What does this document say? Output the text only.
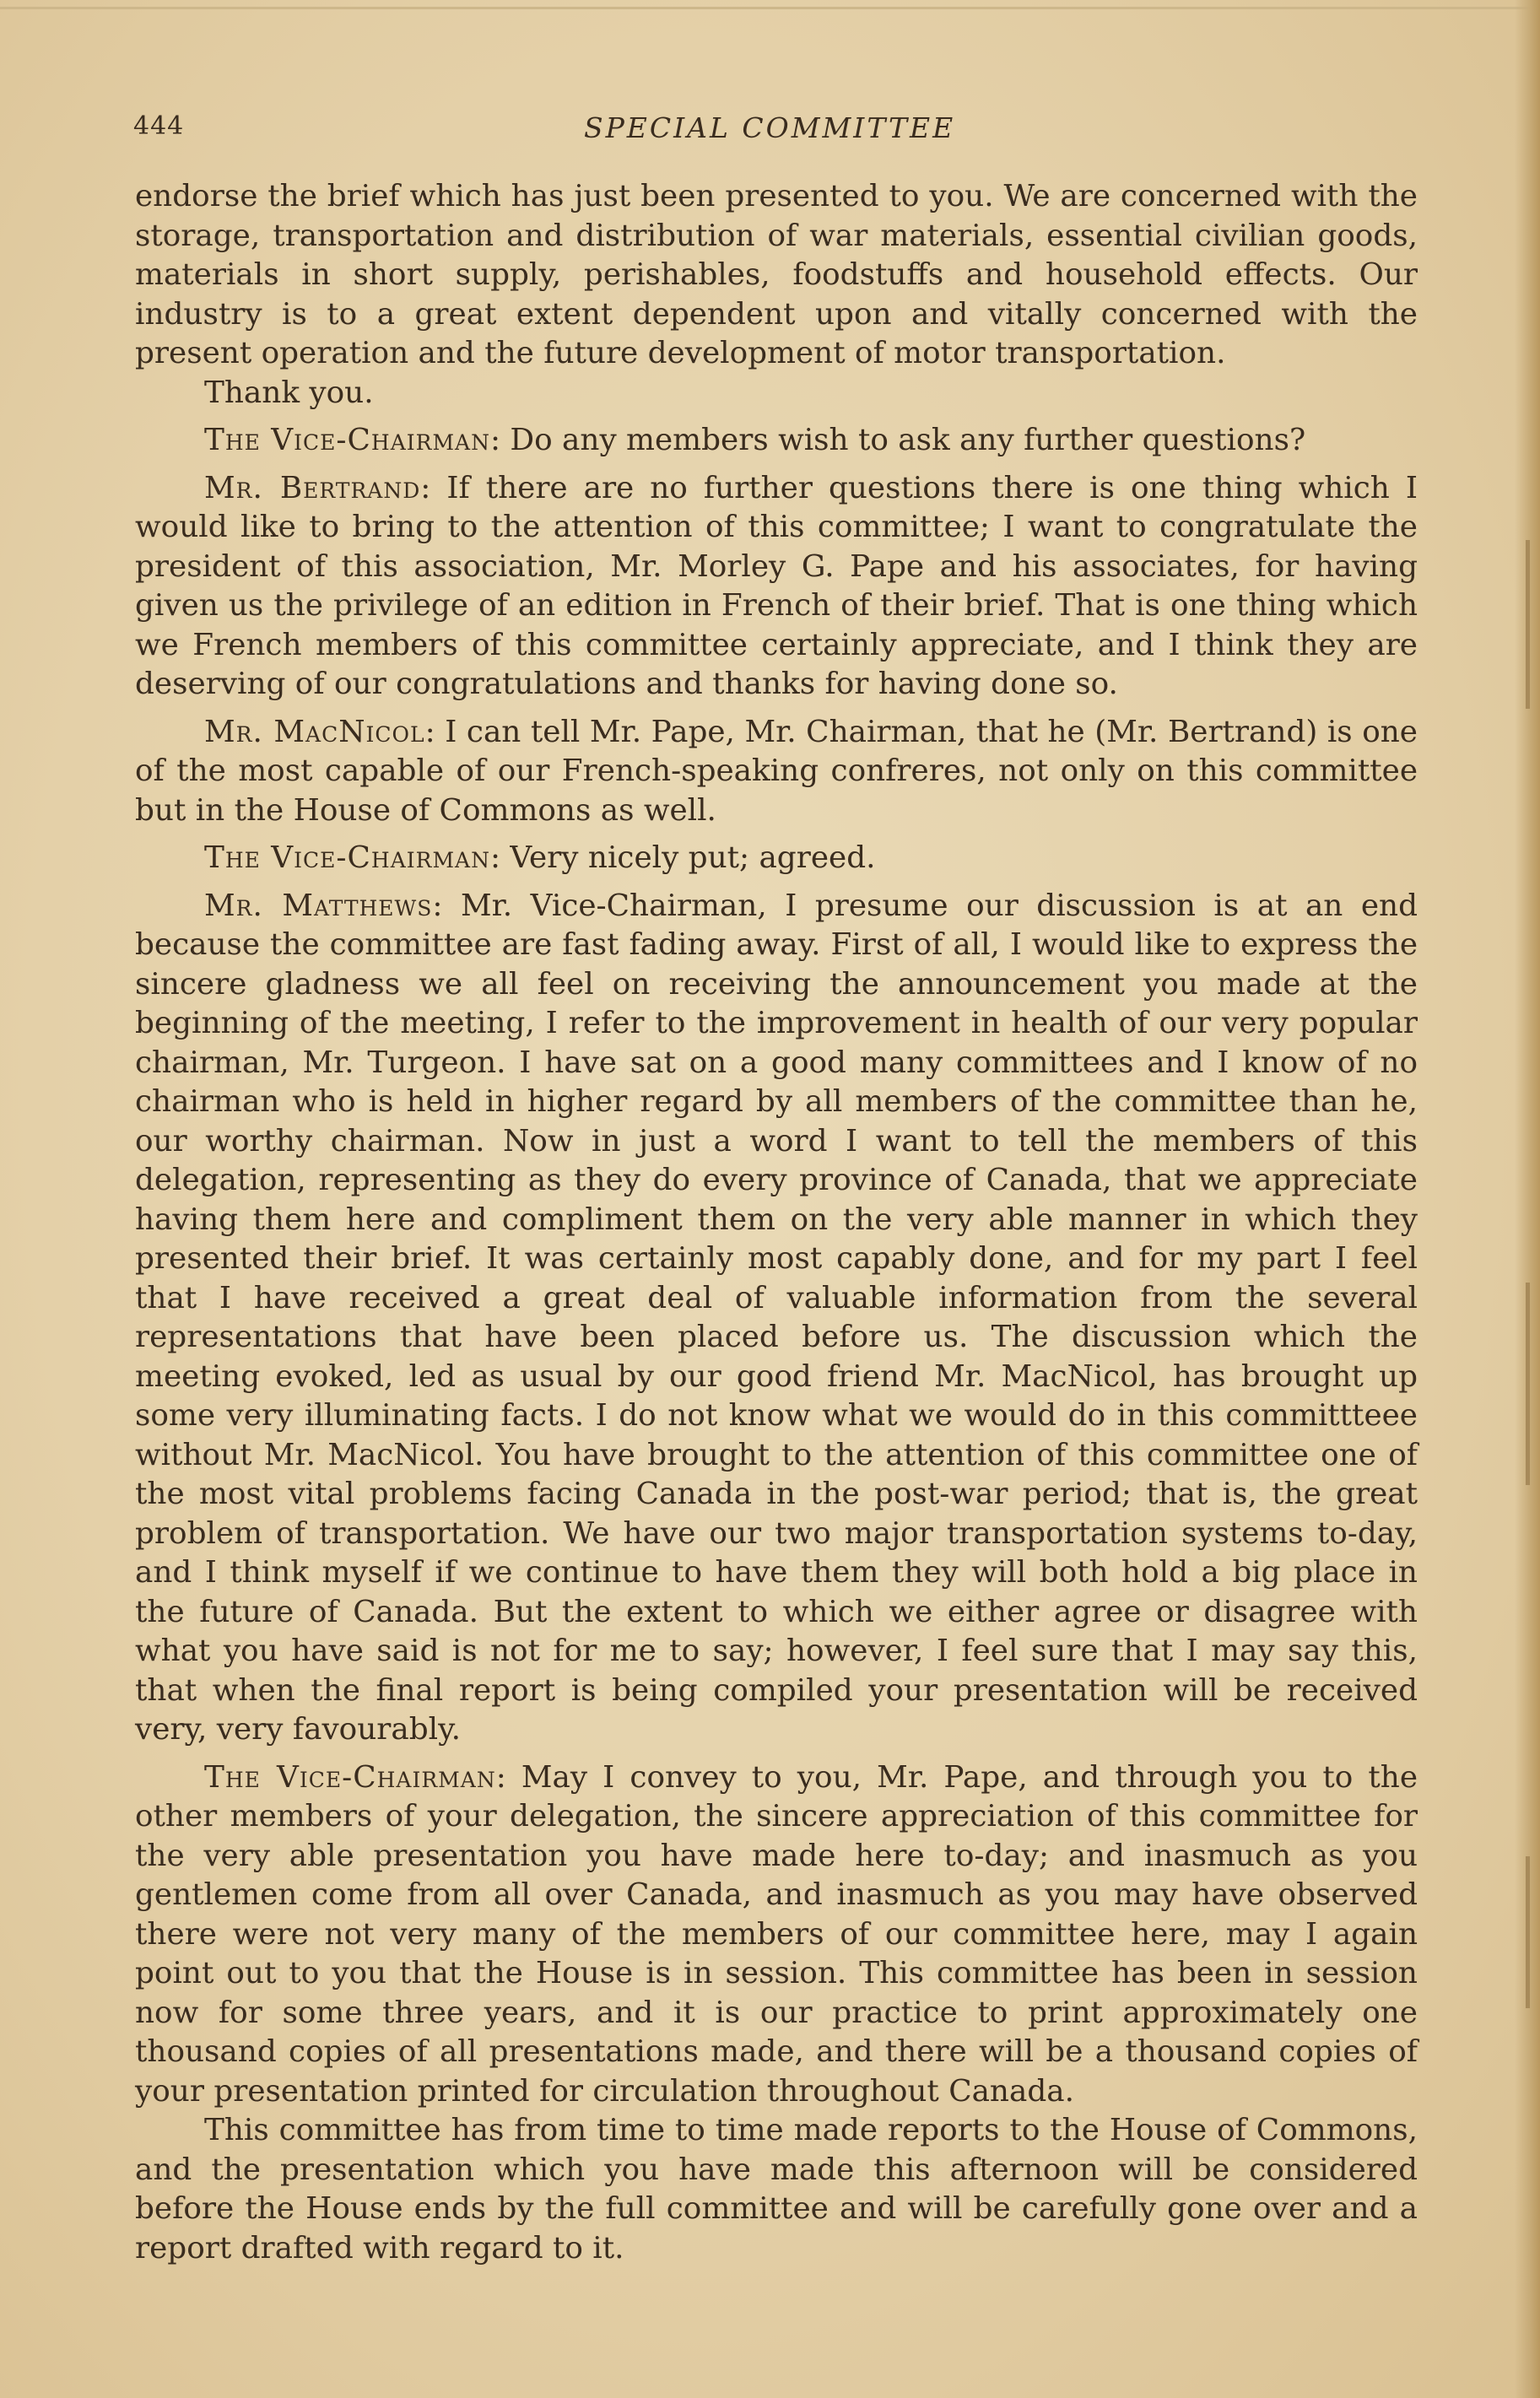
444	SPECIAL COMMITTEE

endorse the brief which has just been presented to you. We are concerned with the storage, transportation and distribution of war materials, essential civilian goods, materials in short supply, perishables, foodstuffs and household effects. Our industry is to a great extent dependent upon and vitally concerned with the present operation and the future development of motor transportation.

Thank you.

The Vice-Chairman: Do any members wish to ask any further questions?

Mr. Bertrand: If there are no further questions there is one thing which I would like to bring to the attention of this committee; I want to congratulate the president of this association, Mr. Morley G. Pape and his associates, for having given us the privilege of an edition in French of their brief. That is one thing which we French members of this committee certainly appreciate, and I think they are deserving of our congratulations and thanks for having done so.

Mr. MacNicol: I can tell Mr. Pape, Mr. Chairman, that he (Mr. Bertrand) is one of the most capable of our French-speaking confreres, not only on this committee but in the House of Commons as well.

The Vice-Chairman: Very nicely put; agreed.

Mr. Matthews: Mr. Vice-Chairman, I presume our discussion is at an end because the committee are fast fading away. First of all, I would like to express the sincere gladness we all feel on receiving the announcement you made at the beginning of the meeting, I refer to the improvement in health of our very popular chairman, Mr. Turgeon. I have sat on a good many committees and I know of no chairman who is held in higher regard by all members of the committee than he, our worthy chairman. Now in just a word I want to tell the members of this delegation, representing as they do every province of Canada, that we appreciate having them here and compliment them on the very able manner in which they presented their brief. It was certainly most capably done, and for my part I feel that I have received a great deal of valuable information from the several representations that have been placed before us. The discussion which the meeting evoked, led as usual by our good friend Mr. MacNicol, has brought up some very illuminating facts. I do not know what we would do in this committteee without Mr. MacNicol. You have brought to the attention of this committee one of the most vital problems facing Canada in the post-war period; that is, the great problem of transportation. We have our two major transportation systems to-day, and I think myself if we continue to have them they will both hold a big place in the future of Canada. But the extent to which we either agree or disagree with what you have said is not for me to say; however, I feel sure that I may say this, that when the final report is being compiled your presentation will be received very, very favourably.

The Vice-Chairman: May I convey to you, Mr. Pape, and through you to the other members of your delegation, the sincere appreciation of this committee for the very able presentation you have made here to-day; and inasmuch as you gentlemen come from all over Canada, and inasmuch as you may have observed there were not very many of the members of our committee here, may I again point out to you that the House is in session. This committee has been in session now for some three years, and it is our practice to print approximately one thousand copies of all presentations made, and there will be a thousand copies of your presentation printed for circulation throughout Canada.

This committee has from time to time made reports to the House of Commons, and the presentation which you have made this afternoon will be considered before the House ends by the full committee and will be carefully gone over and a report drafted with regard to it.
